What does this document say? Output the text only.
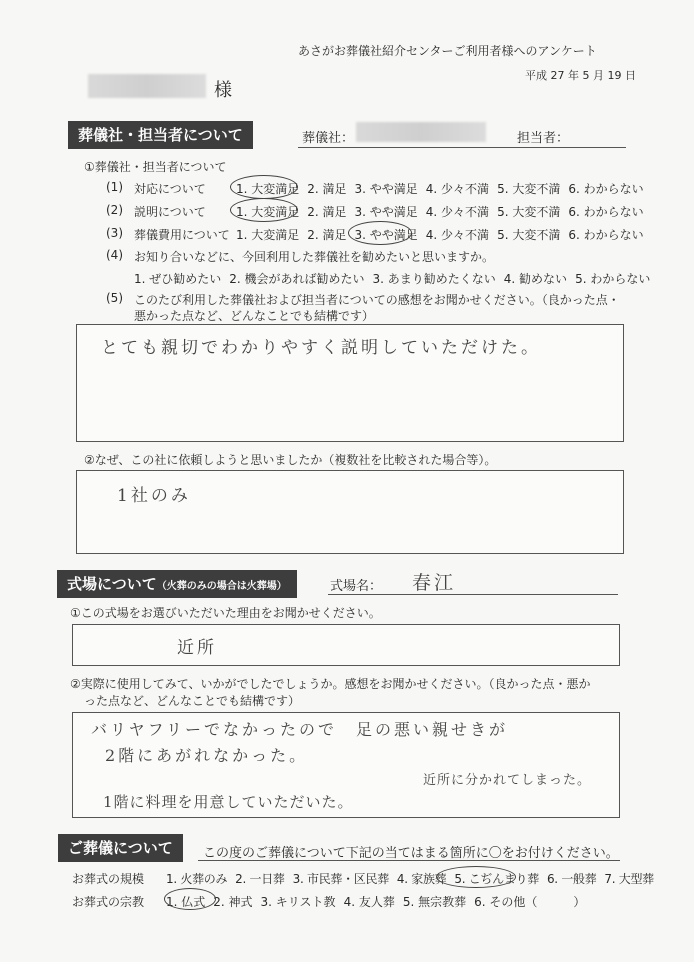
あさがお葬儀社紹介センターご利用者様へのアンケート
平成 27 年 5 月 19 日
様
葬儀社・担当者について	葬儀社：	担当者：
①葬儀社・担当者について
(1) 対応について	1. 大変満足 2. 満足 3. やや満足 4. 少々不満 5. 大変不満 6. わからない
(2) 説明について	1. 大変満足 2. 満足 3. やや満足 4. 少々不満 5. 大変不満 6. わからない
(3) 葬儀費用について 1. 大変満足 2. 満足 3. やや満足 4. 少々不満 5. 大変不満 6. わからない
(4) お知り合いなどに、今回利用した葬儀社を勧めたいと思いますか。
1. ぜひ勧めたい 2. 機会があれば勧めたい 3. あまり勧めたくない 4. 勧めない 5. わからない
(5) このたび利用した葬儀社および担当者についての感想をお聞かせください。（良かった点・
悪かった点など、どんなことでも結構です）
とても親切でわかりやすく説明していただけた。
②なぜ、この社に依頼しようと思いましたか（複数社を比較された場合等）。
1社のみ
式場について（火葬のみの場合は火葬場）	式場名： 春江
①この式場をお選びいただいた理由をお聞かせください。
近所
②実際に使用してみて、いかがでしたでしょうか。感想をお聞かせください。（良かった点・悪か
った点など、どんなことでも結構です）
バリヤフリーでなかったので　足の悪い親せきが
2階にあがれなかった。
1階に料理を用意していただいた。
近所に分かれてしまった。
ご葬儀について	この度のご葬儀について下記の当てはまる箇所に〇をお付けください。
お葬式の規模 1. 火葬のみ 2. 一日葬 3. 市民葬・区民葬 4. 家族葬 5. こぢんまり葬 6. 一般葬 7. 大型葬
お葬式の宗教 1. 仏式 2. 神式 3. キリスト教 4. 友人葬 5. 無宗教葬 6. その他（　　　）
